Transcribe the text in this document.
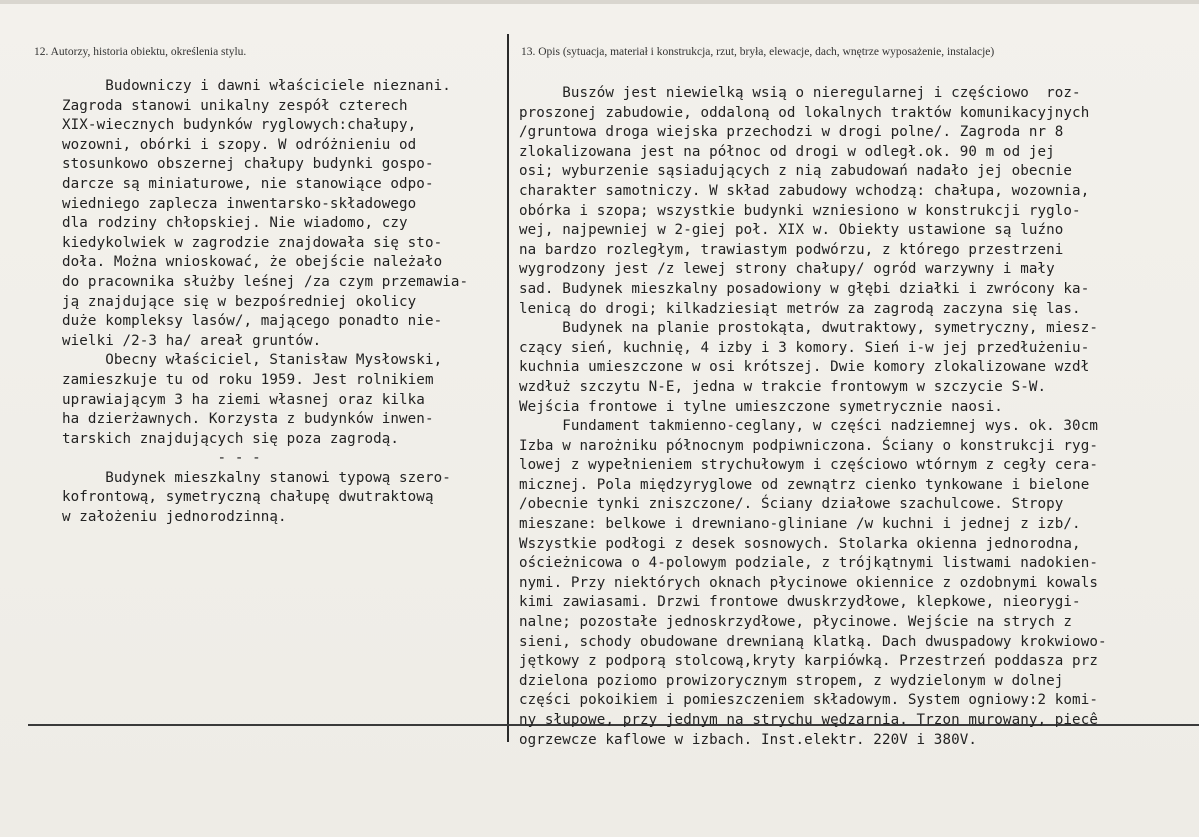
12. Autorzy, historia obiektu, określenia stylu.	13. Opis (sytuacja, materiał i konstrukcja, rzut, bryła, elewacje, dach, wnętrze wyposażenie, instalacje)
Budowniczy i dawni właściciele nieznani.
Zagroda stanowi unikalny zespół czterech
XIX-wiecznych budynków ryglowych:chałupy,
wozowni, obórki i szopy. W odróżnieniu od
stosunkowo obszernej chałupy budynki gospo-
darcze są miniaturowe, nie stanowiące odpo-
wiedniego zaplecza inwentarsko-składowego
dla rodziny chłopskiej. Nie wiadomo, czy
kiedykolwiek w zagrodzie znajdowała się sto-
doła. Można wnioskować, że obejście należało
do pracownika służby leśnej /za czym przemawia-
ją znajdujące się w bezpośredniej okolicy
duże kompleksy lasów/, mającego ponadto nie-
wielki /2-3 ha/ areał gruntów.
Obecny właściciel, Stanisław Mysłowski,
zamieszkuje tu od roku 1959. Jest rolnikiem
uprawiającym 3 ha ziemi własnej oraz kilka
ha dzierżawnych. Korzysta z budynków inwen-
tarskich znajdujących się poza zagrodą.
- - -
Budynek mieszkalny stanowi typową szero-
kofrontową, symetryczną chałupę dwutraktową
w założeniu jednorodzinną.
Buszów jest niewielką wsią o nieregularnej i częściowo  roz-
proszonej zabudowie, oddaloną od lokalnych traktów komunikacyjnych
/gruntowa droga wiejska przechodzi w drogi polne/. Zagroda nr 8
zlokalizowana jest na północ od drogi w odległ.ok. 90 m od jej
osi; wyburzenie sąsiadujących z nią zabudowań nadało jej obecnie
charakter samotniczy. W skład zabudowy wchodzą: chałupa, wozownia,
obórka i szopa; wszystkie budynki wzniesiono w konstrukcji ryglo-
wej, najpewniej w 2-giej poł. XIX w. Obiekty ustawione są luźno
na bardzo rozległym, trawiastym podwórzu, z którego przestrzeni
wygrodzony jest /z lewej strony chałupy/ ogród warzywny i mały
sad. Budynek mieszkalny posadowiony w głębi działki i zwrócony ka-
lenicą do drogi; kilkadziesiąt metrów za zagrodą zaczyna się las.
Budynek na planie prostokąta, dwutraktowy, symetryczny, miesz-
czący sień, kuchnię, 4 izby i 3 komory. Sień i-w jej przedłużeniu-
kuchnia umieszczone w osi krótszej. Dwie komory zlokalizowane wzdł
wzdłuż szczytu N-E, jedna w trakcie frontowym w szczycie S-W.
Wejścia frontowe i tylne umieszczone symetrycznie naosi.
Fundament takmienno-ceglany, w części nadziemnej wys. ok. 30cm
Izba w narożniku północnym podpiwniczona. Ściany o konstrukcji ryg-
lowej z wypełnieniem strychułowym i częściowo wtórnym z cegły cera-
micznej. Pola międzyryglowe od zewnątrz cienko tynkowane i bielone
/obecnie tynki zniszczone/. Ściany działowe szachulcowe. Stropy
mieszane: belkowe i drewniano-gliniane /w kuchni i jednej z izb/.
Wszystkie podłogi z desek sosnowych. Stolarka okienna jednorodna,
ościeżnicowa o 4-polowym podziale, z trójkątnymi listwami nadokien-
nymi. Przy niektórych oknach płycinowe okiennice z ozdobnymi kowals
kimi zawiasami. Drzwi frontowe dwuskrzydłowe, klepkowe, nieorygi-
nalne; pozostałe jednoskrzydłowe, płycinowe. Wejście na strych z
sieni, schody obudowane drewnianą klatką. Dach dwuspadowy krokwiowo-
jętkowy z podporą stolcową,kryty karpiówką. Przestrzeń poddasza prz
dzielona poziomo prowizorycznym stropem, z wydzielonym w dolnej
części pokoikiem i pomieszczeniem składowym. System ogniowy:2 komi-
ny słupowe, przy jednym na strychu wędzarnia. Trzon murowany, piecê
ogrzewcze kaflowe w izbach. Inst.elektr. 220V i 380V.
